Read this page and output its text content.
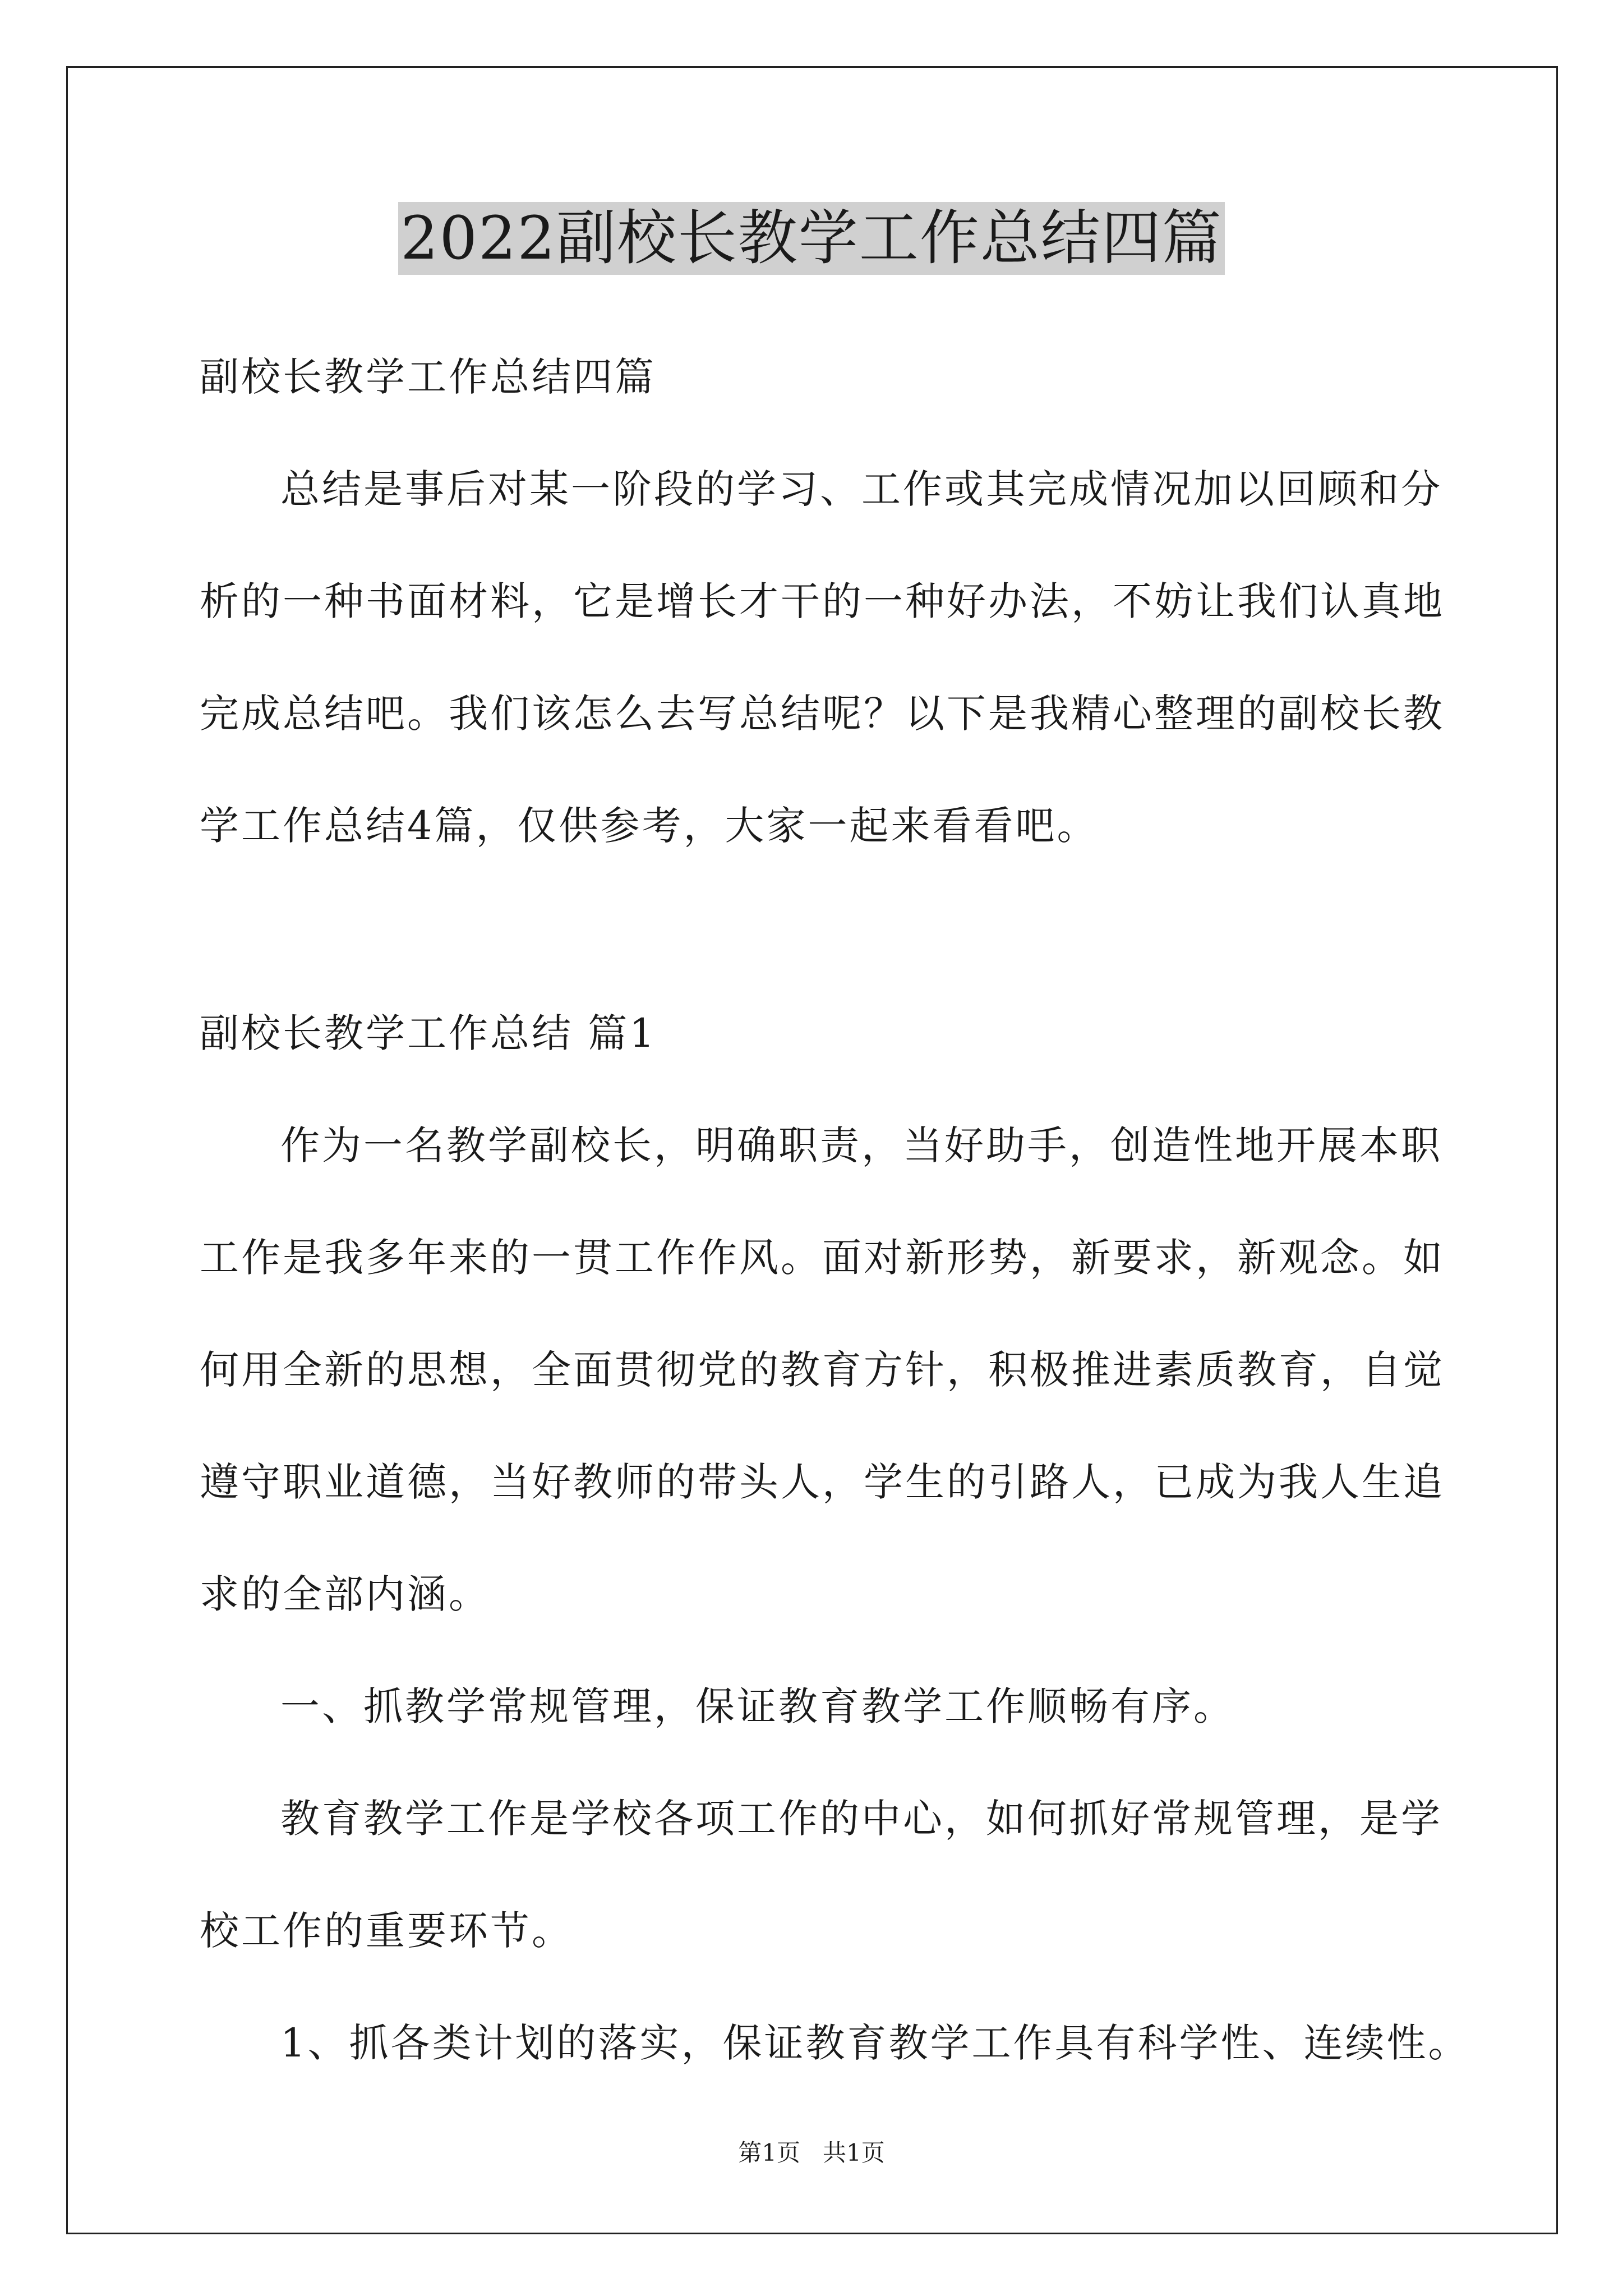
2022副校长教学工作总结四篇
副校长教学工作总结四篇
总结是事后对某一阶段的学习、工作或其完成情况加以回顾和分
析的一种书面材料，它是增长才干的一种好办法，不妨让我们认真地
完成总结吧。我们该怎么去写总结呢？以下是我精心整理的副校长教
学工作总结4篇，仅供参考，大家一起来看看吧。
副校长教学工作总结 篇1
作为一名教学副校长，明确职责，当好助手，创造性地开展本职
工作是我多年来的一贯工作作风。面对新形势，新要求，新观念。如
何用全新的思想，全面贯彻党的教育方针，积极推进素质教育，自觉
遵守职业道德，当好教师的带头人，学生的引路人，已成为我人生追
求的全部内涵。
一、抓教学常规管理，保证教育教学工作顺畅有序。
教育教学工作是学校各项工作的中心，如何抓好常规管理，是学
校工作的重要环节。
1、抓各类计划的落实，保证教育教学工作具有科学性、连续性。
第1页   共1页
